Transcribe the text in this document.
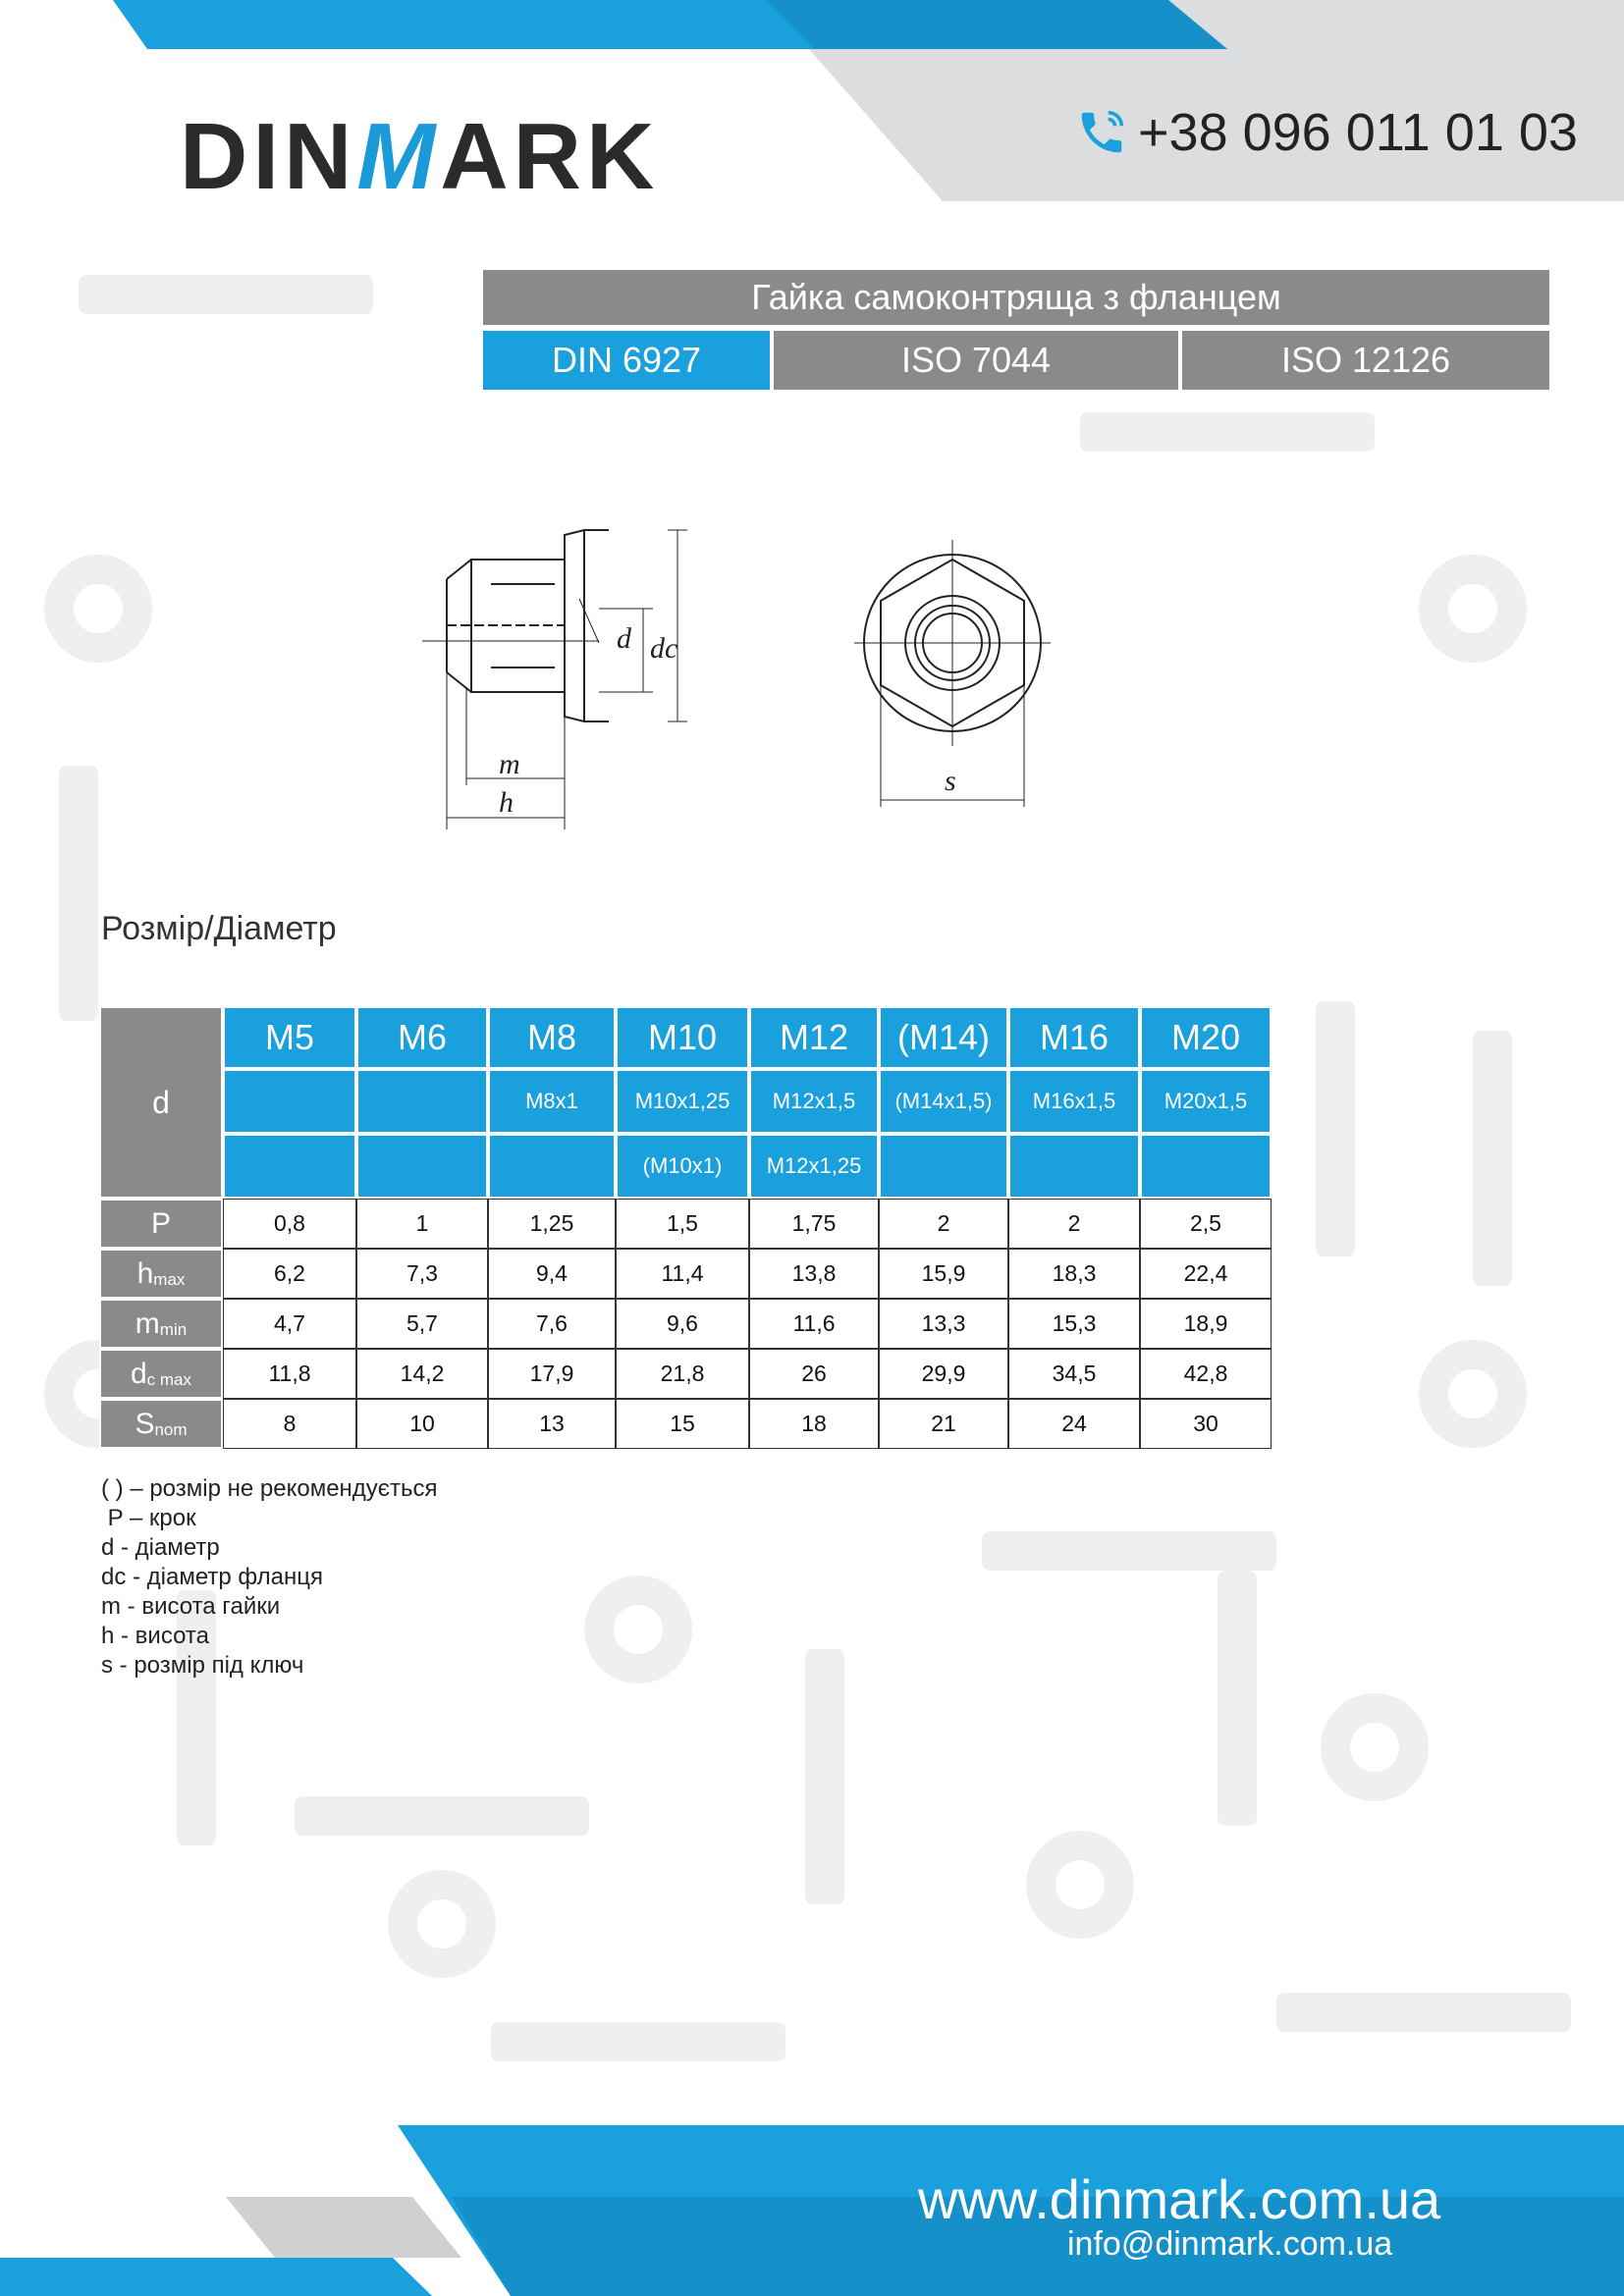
DINMARK	+38 096 011 01 03
Гайка самоконтряща з фланцем
DIN 6927	ISO 7044	ISO 12126
d dc
m
h
s
Розмір/Діаметр
d	M5	M6	M8	M10	M12	(M14)	M16	M20
			M8x1	M10x1,25	M12x1,5	(M14x1,5)	M16x1,5	M20x1,5
				(M10x1)	M12x1,25			
P	0,8	1	1,25	1,5	1,75	2	2	2,5
$h_{max}$	6,2	7,3	9,4	11,4	13,8	15,9	18,3	22,4
$m_{min}$	4,7	5,7	7,6	9,6	11,6	13,3	15,3	18,9
$d_{c max}$	11,8	14,2	17,9	21,8	26	29,9	34,5	42,8
$S_{nom}$	8	10	13	15	18	21	24	30
( ) – розмір не рекомендується
P – крок
d - діаметр
dc - діаметр фланця
m - висота гайки
h - висота
s - розмір під ключ
www.dinmark.com.ua
info@dinmark.com.ua
